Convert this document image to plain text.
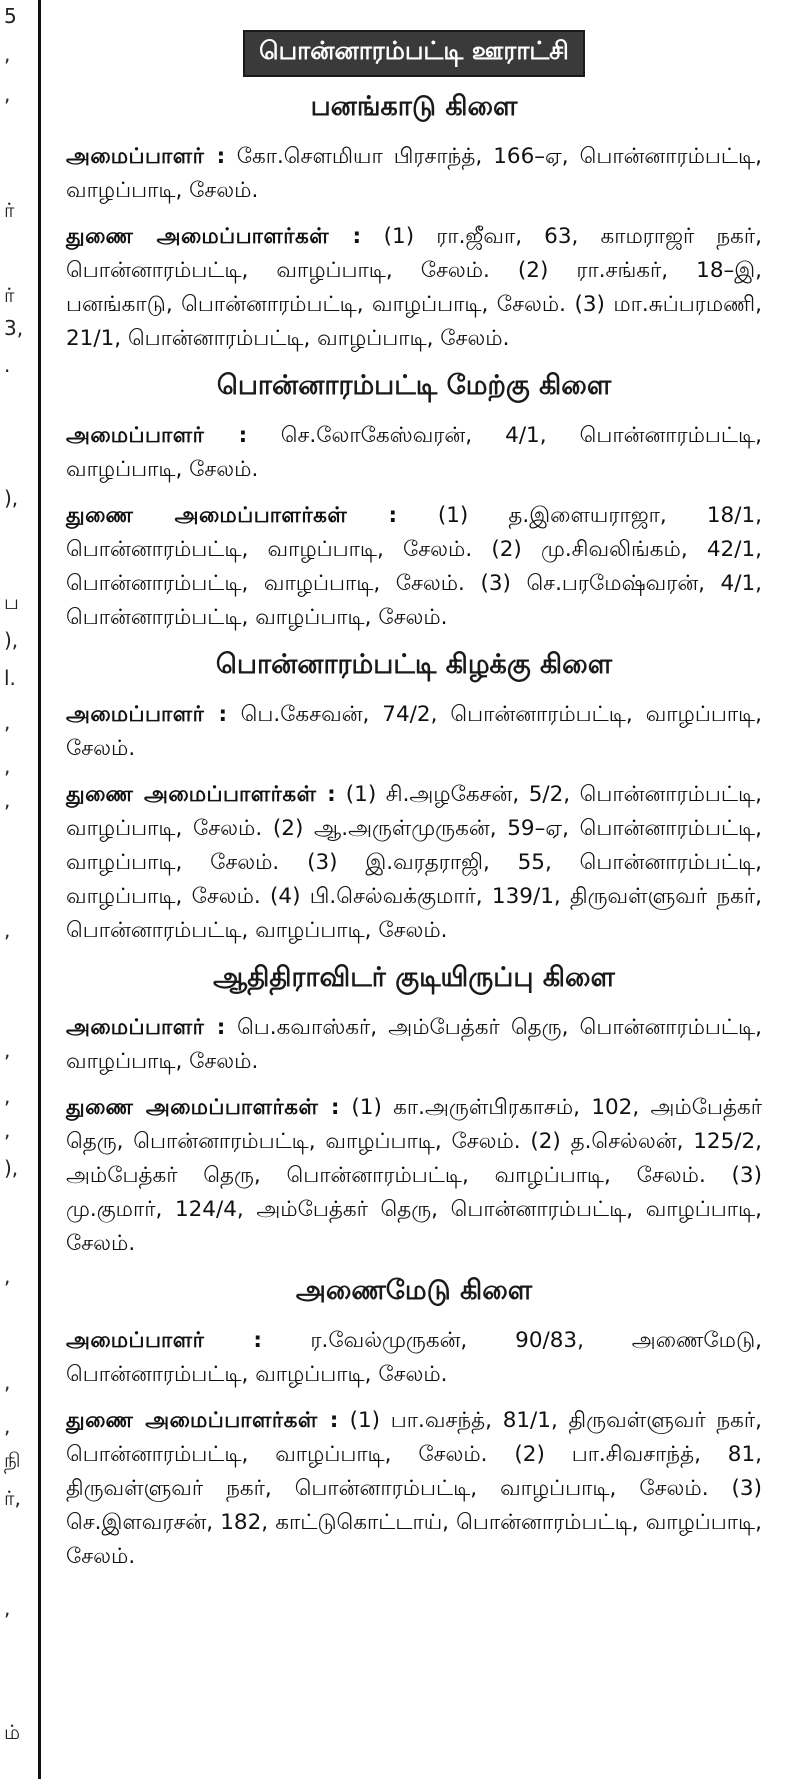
5
,
,
ர்
ர்
3,
.
),
ப
),
l.
,
,
,
,
,
,
,
),
,
,
,
நி
ர்,
,
ம்
பொன்னாரம்பட்டி ஊராட்சி
பனங்காடு கிளை

அமைப்பாளர் : கோ.சௌமியா பிரசாந்த், 166–ஏ, பொன்னாரம்பட்டி, வாழப்பாடி, சேலம்.

துணை அமைப்பாளர்கள் : (1) ரா.ஜீவா, 63, காமராஜர் நகர், பொன்னாரம்பட்டி, வாழப்பாடி, சேலம். (2) ரா.சங்கர், 18–இ, பனங்காடு, பொன்னாரம்பட்டி, வாழப்பாடி, சேலம். (3) மா.சுப்பரமணி, 21/1, பொன்னாரம்பட்டி, வாழப்பாடி, சேலம்.

பொன்னாரம்பட்டி மேற்கு கிளை

அமைப்பாளர் : செ.லோகேஸ்வரன், 4/1, பொன்னாரம்பட்டி, வாழப்பாடி, சேலம்.

துணை அமைப்பாளர்கள் : (1) த.இளையராஜா, 18/1, பொன்னாரம்பட்டி, வாழப்பாடி, சேலம். (2) மு.சிவலிங்கம், 42/1, பொன்னாரம்பட்டி, வாழப்பாடி, சேலம். (3) செ.பரமேஷ்வரன், 4/1, பொன்னாரம்பட்டி, வாழப்பாடி, சேலம்.

பொன்னாரம்பட்டி கிழக்கு கிளை

அமைப்பாளர் : பெ.கேசவன், 74/2, பொன்னாரம்பட்டி, வாழப்பாடி, சேலம்.

துணை அமைப்பாளர்கள் : (1) சி.அழகேசன், 5/2, பொன்னாரம்பட்டி, வாழப்பாடி, சேலம். (2) ஆ.அருள்முருகன், 59–ஏ, பொன்னாரம்பட்டி, வாழப்பாடி, சேலம். (3) இ.வரதராஜி, 55, பொன்னாரம்பட்டி, வாழப்பாடி, சேலம். (4) பி.செல்வக்குமார், 139/1, திருவள்ளுவர் நகர், பொன்னாரம்பட்டி, வாழப்பாடி, சேலம்.

ஆதிதிராவிடர் குடியிருப்பு கிளை

அமைப்பாளர் : பெ.கவாஸ்கர், அம்பேத்கர் தெரு, பொன்னாரம்பட்டி, வாழப்பாடி, சேலம்.

துணை அமைப்பாளர்கள் : (1) கா.அருள்பிரகாசம், 102, அம்பேத்கர் தெரு, பொன்னாரம்பட்டி, வாழப்பாடி, சேலம். (2) த.செல்லன், 125/2, அம்பேத்கர் தெரு, பொன்னாரம்பட்டி, வாழப்பாடி, சேலம். (3) மு.குமார், 124/4, அம்பேத்கர் தெரு, பொன்னாரம்பட்டி, வாழப்பாடி, சேலம்.

அணைமேடு கிளை

அமைப்பாளர் : ர.வேல்முருகன், 90/83, அணைமேடு, பொன்னாரம்பட்டி, வாழப்பாடி, சேலம்.

துணை அமைப்பாளர்கள் : (1) பா.வசந்த், 81/1, திருவள்ளுவர் நகர், பொன்னாரம்பட்டி, வாழப்பாடி, சேலம். (2) பா.சிவசாந்த், 81, திருவள்ளுவர் நகர், பொன்னாரம்பட்டி, வாழப்பாடி, சேலம். (3) செ.இளவரசன், 182, காட்டுகொட்டாய், பொன்னாரம்பட்டி, வாழப்பாடி, சேலம்.
